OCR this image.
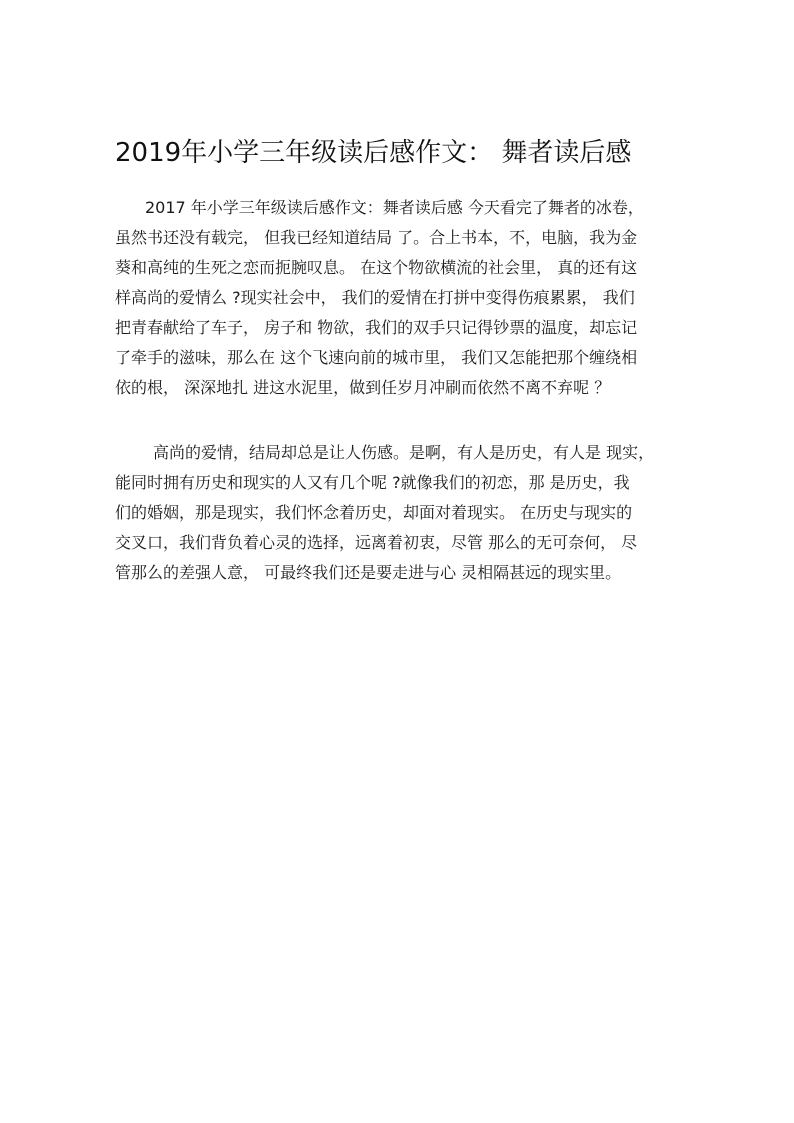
2019年小学三年级读后感作文： 舞者读后感
2017 年小学三年级读后感作文：舞者读后感 今天看完了舞者的冰卷，
虽然书还没有载完， 但我已经知道结局 了。合上书本，不，电脑，我为金
葵和高纯的生死之恋而扼腕叹息。 在这个物欲横流的社会里， 真的还有这
样高尚的爱情么 ?现实社会中， 我们的爱情在打拼中变得伤痕累累， 我们
把青春献给了车子， 房子和 物欲，我们的双手只记得钞票的温度，却忘记
了牵手的滋味，那么在 这个飞速向前的城市里， 我们又怎能把那个缠绕相
依的根， 深深地扎 进这水泥里，做到任岁月冲刷而依然不离不弃呢 ？
高尚的爱情，结局却总是让人伤感。是啊，有人是历史，有人是 现实，
能同时拥有历史和现实的人又有几个呢 ?就像我们的初恋，那 是历史，我
们的婚姻，那是现实，我们怀念着历史，却面对着现实。 在历史与现实的
交叉口，我们背负着心灵的选择，远离着初衷，尽管 那么的无可奈何， 尽
管那么的差强人意， 可最终我们还是要走进与心 灵相隔甚远的现实里。
